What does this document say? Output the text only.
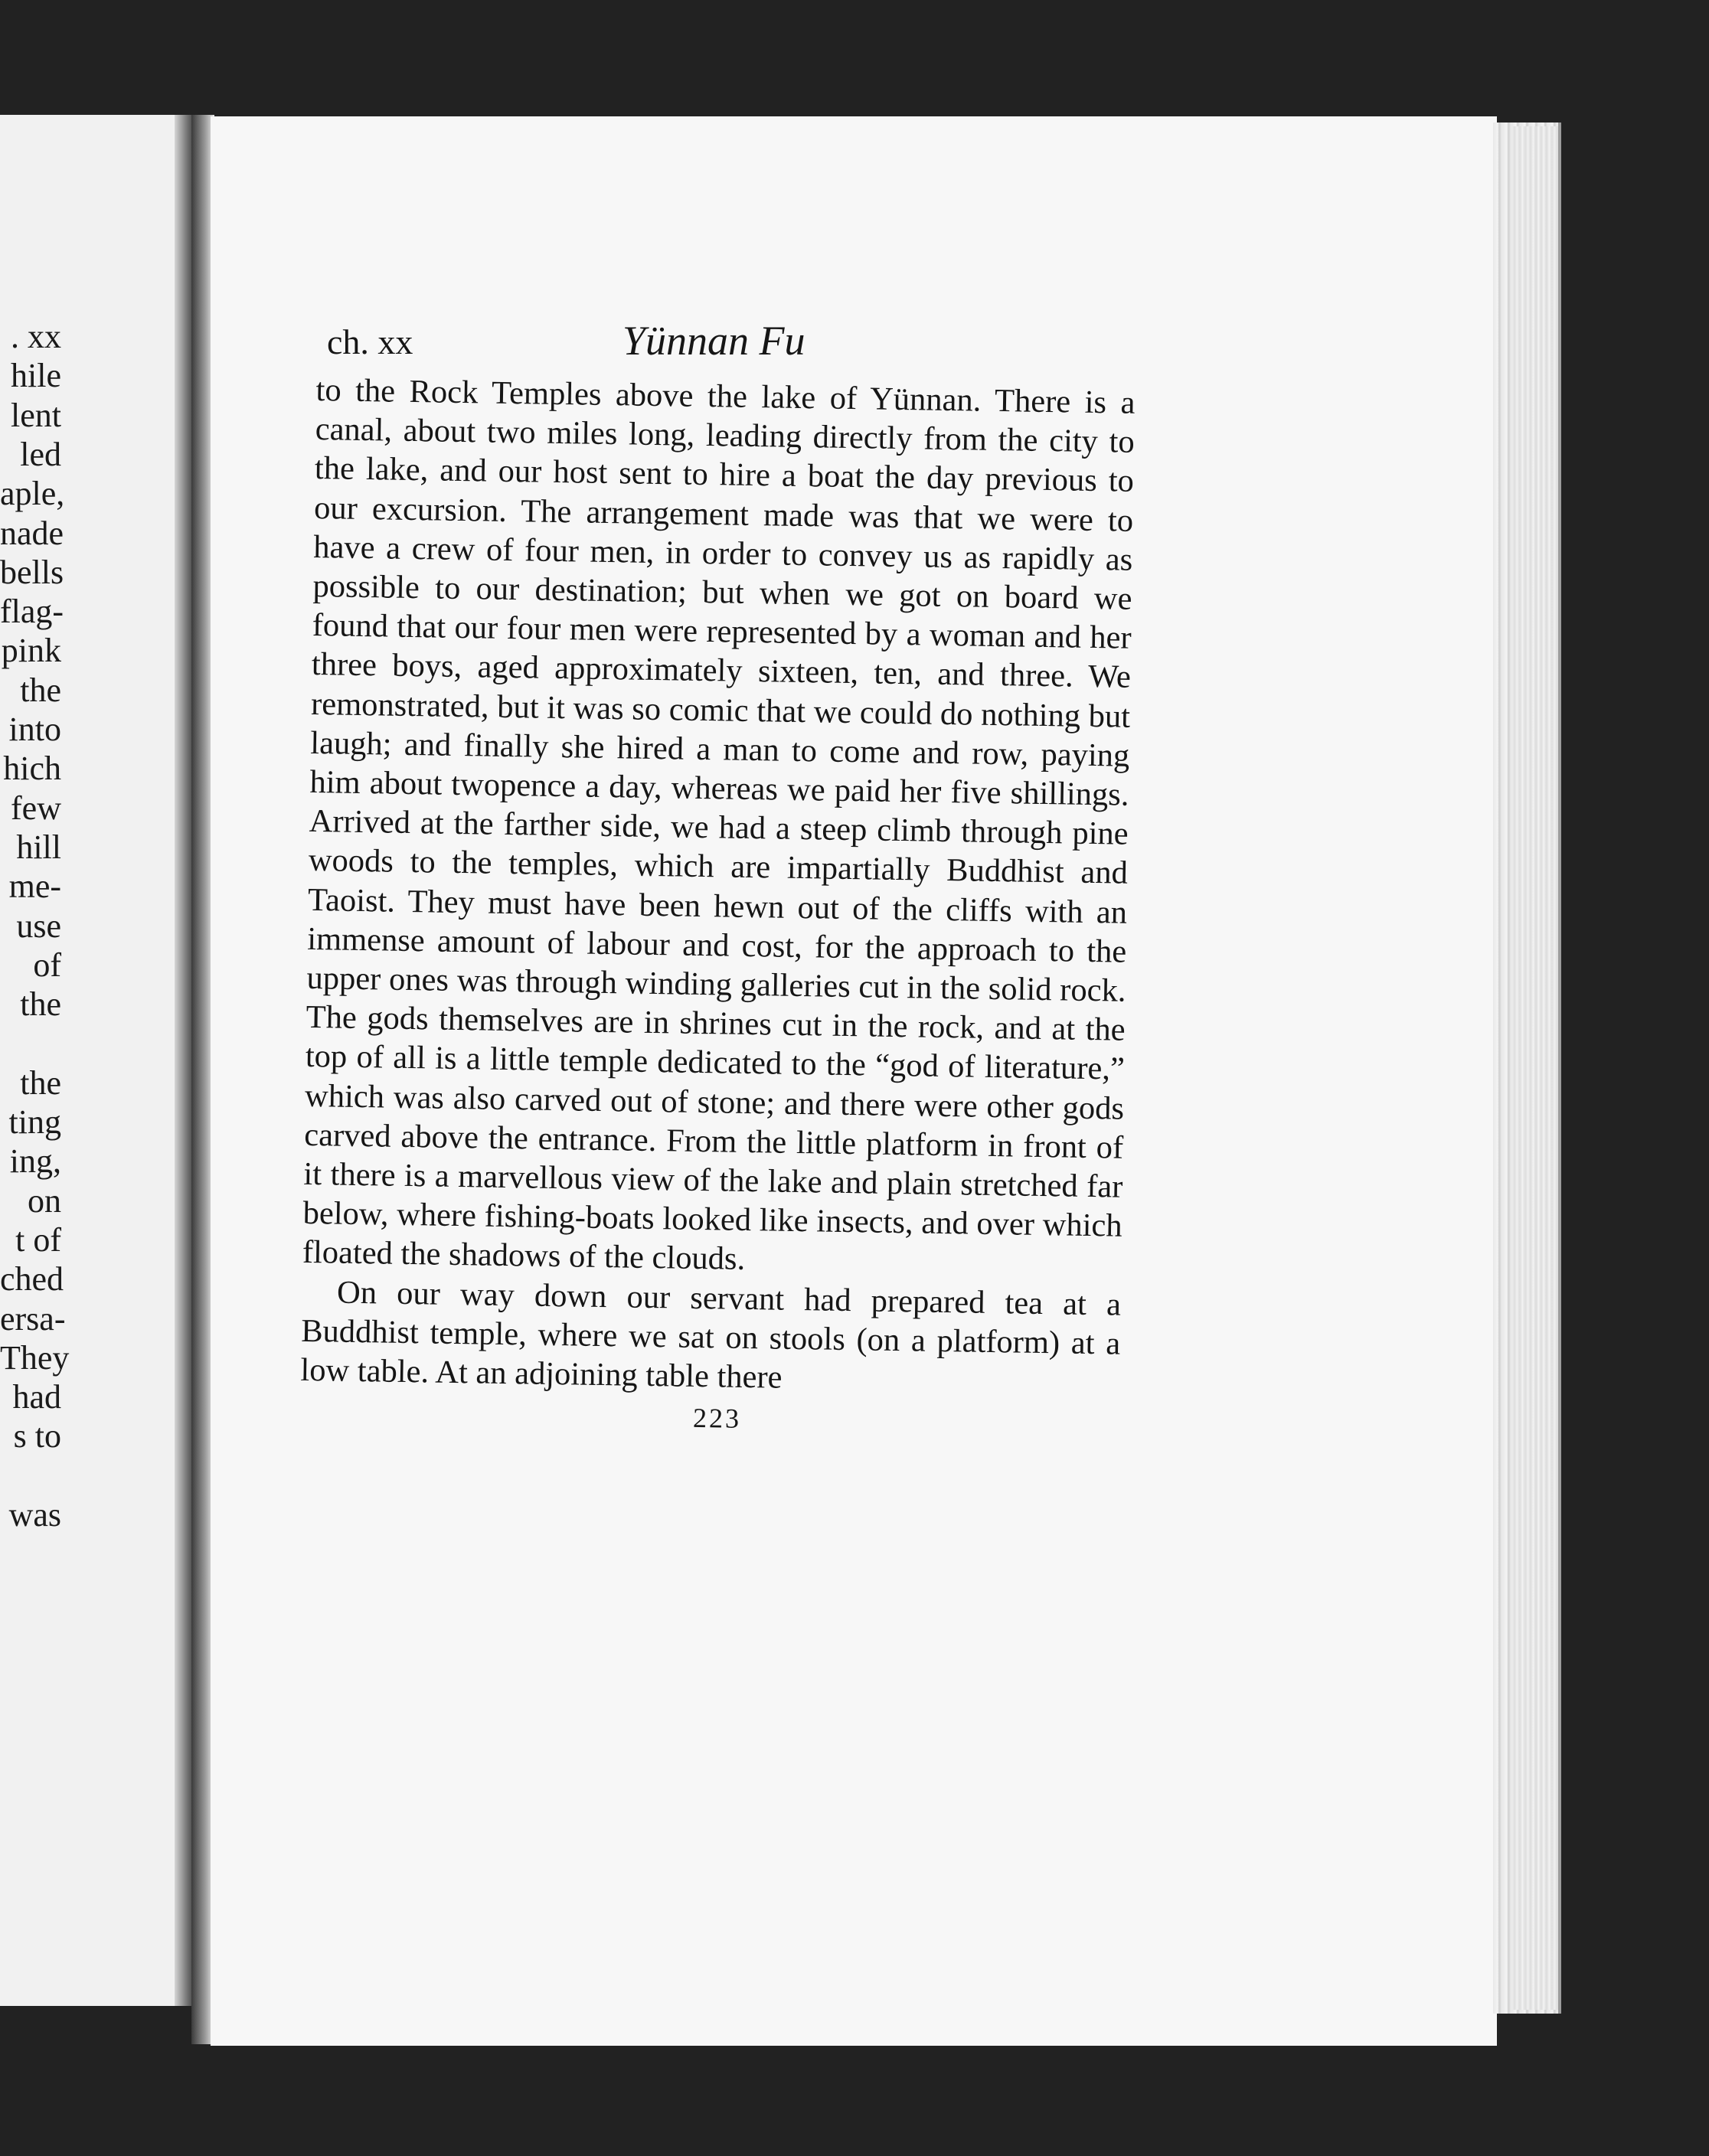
. xx
hile
lent
led
aple,
nade
bells
flag-
pink
the
into
hich
few
hill
me-
use
of
the
the
ting
ing,
on
t of
ched
ersa-
They
had
s to
was
ch. xx	Yünnan Fu

to the Rock Temples above the lake of Yünnan. There is a canal, about two miles long, leading directly from the city to the lake, and our host sent to hire a boat the day previous to our excursion. The arrangement made was that we were to have a crew of four men, in order to convey us as rapidly as possible to our destination; but when we got on board we found that our four men were represented by a woman and her three boys, aged approximately sixteen, ten, and three. We remonstrated, but it was so comic that we could do nothing but laugh; and finally she hired a man to come and row, paying him about twopence a day, whereas we paid her five shillings. Arrived at the farther side, we had a steep climb through pine woods to the temples, which are impartially Buddhist and Taoist. They must have been hewn out of the cliffs with an immense amount of labour and cost, for the approach to the upper ones was through winding galleries cut in the solid rock. The gods themselves are in shrines cut in the rock, and at the top of all is a little temple dedicated to the “god of literature,” which was also carved out of stone; and there were other gods carved above the entrance. From the little platform in front of it there is a marvellous view of the lake and plain stretched far below, where fishing-boats looked like insects, and over which floated the shadows of the clouds.

On our way down our servant had prepared tea at a Buddhist temple, where we sat on stools (on a platform) at a low table. At an adjoining table there

223
